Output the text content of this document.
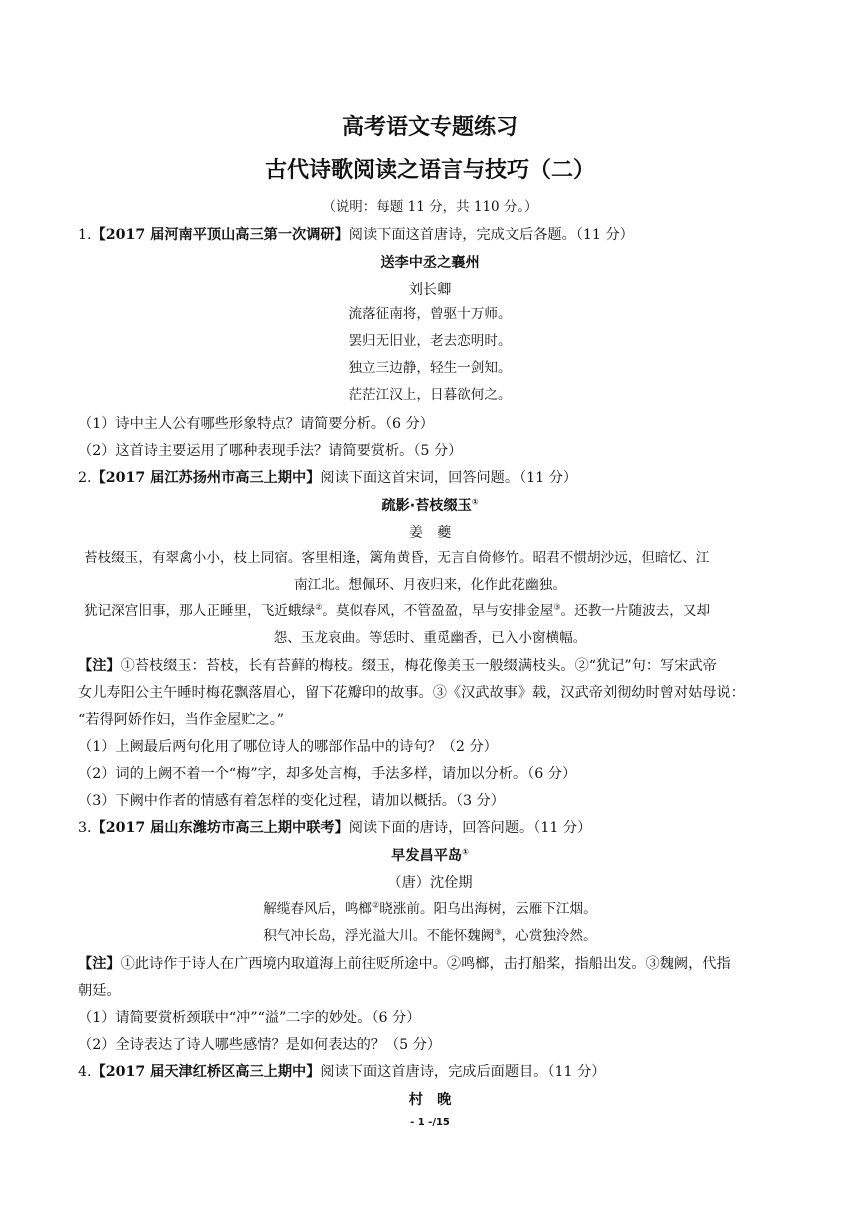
高考语文专题练习
古代诗歌阅读之语言与技巧（二）
（说明：每题 11 分，共 110 分。）
1.【2017 届河南平顶山高三第一次调研】阅读下面这首唐诗，完成文后各题。（11 分）
送李中丞之襄州
刘长卿
流落征南将，曾驱十万师。
罢归无旧业，老去恋明时。
独立三边静，轻生一剑知。
茫茫江汉上，日暮欲何之。
（1）诗中主人公有哪些形象特点？请简要分析。（6 分）
（2）这首诗主要运用了哪种表现手法？请简要赏析。（5 分）
2.【2017 届江苏扬州市高三上期中】阅读下面这首宋词，回答问题。（11 分）
疏影·苔枝缀玉①
姜　夔
苔枝缀玉，有翠禽小小，枝上同宿。客里相逢，篱角黄昏，无言自倚修竹。昭君不惯胡沙远，但暗忆、江
南江北。想佩环、月夜归来，化作此花幽独。
犹记深宫旧事，那人正睡里，飞近蛾绿②。莫似春风，不管盈盈，早与安排金屋③。还教一片随波去，又却
怨、玉龙哀曲。等恁时、重觅幽香，已入小窗横幅。
【注】①苔枝缀玉：苔枝，长有苔藓的梅枝。缀玉，梅花像美玉一般缀满枝头。②“犹记”句：写宋武帝
女儿寿阳公主午睡时梅花飘落眉心，留下花瓣印的故事。③《汉武故事》载，汉武帝刘彻幼时曾对姑母说：
“若得阿娇作妇，当作金屋贮之。”
（1）上阙最后两句化用了哪位诗人的哪部作品中的诗句？（2 分）
（2）词的上阙不着一个“梅”字，却多处言梅，手法多样，请加以分析。（6 分）
（3）下阙中作者的情感有着怎样的变化过程，请加以概括。（3 分）
3.【2017 届山东潍坊市高三上期中联考】阅读下面的唐诗，回答问题。（11 分）
早发昌平岛①
（唐）沈佺期
解缆春风后，鸣榔②晓涨前。阳乌出海树，云雁下江烟。
积气冲长岛，浮光溢大川。不能怀魏阙③，心赏独泠然。
【注】①此诗作于诗人在广西境内取道海上前往贬所途中。②鸣榔，击打船桨，指船出发。③魏阙，代指
朝廷。
（1）请简要赏析颈联中“冲”“溢”二字的妙处。（6 分）
（2）全诗表达了诗人哪些感情？是如何表达的？（5 分）
4.【2017 届天津红桥区高三上期中】阅读下面这首唐诗，完成后面题目。（11 分）
村　晚
- 1 -/15
